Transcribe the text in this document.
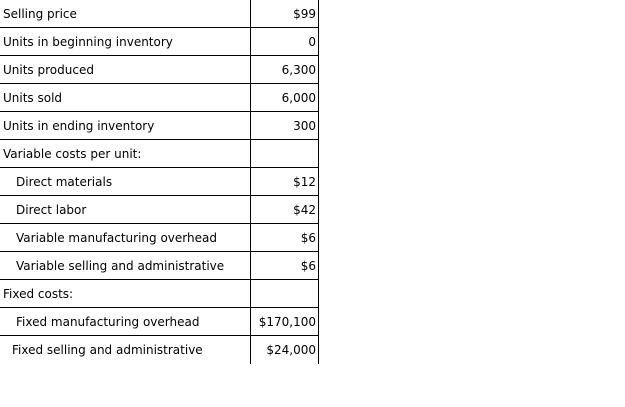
Selling price	$99
Units in beginning inventory	0
Units produced	6,300
Units sold	6,000
Units in ending inventory	300
Variable costs per unit:	
Direct materials	$12
Direct labor	$42
Variable manufacturing overhead	$6
Variable selling and administrative	$6
Fixed costs:	
Fixed manufacturing overhead	$170,100
Fixed selling and administrative	$24,000
